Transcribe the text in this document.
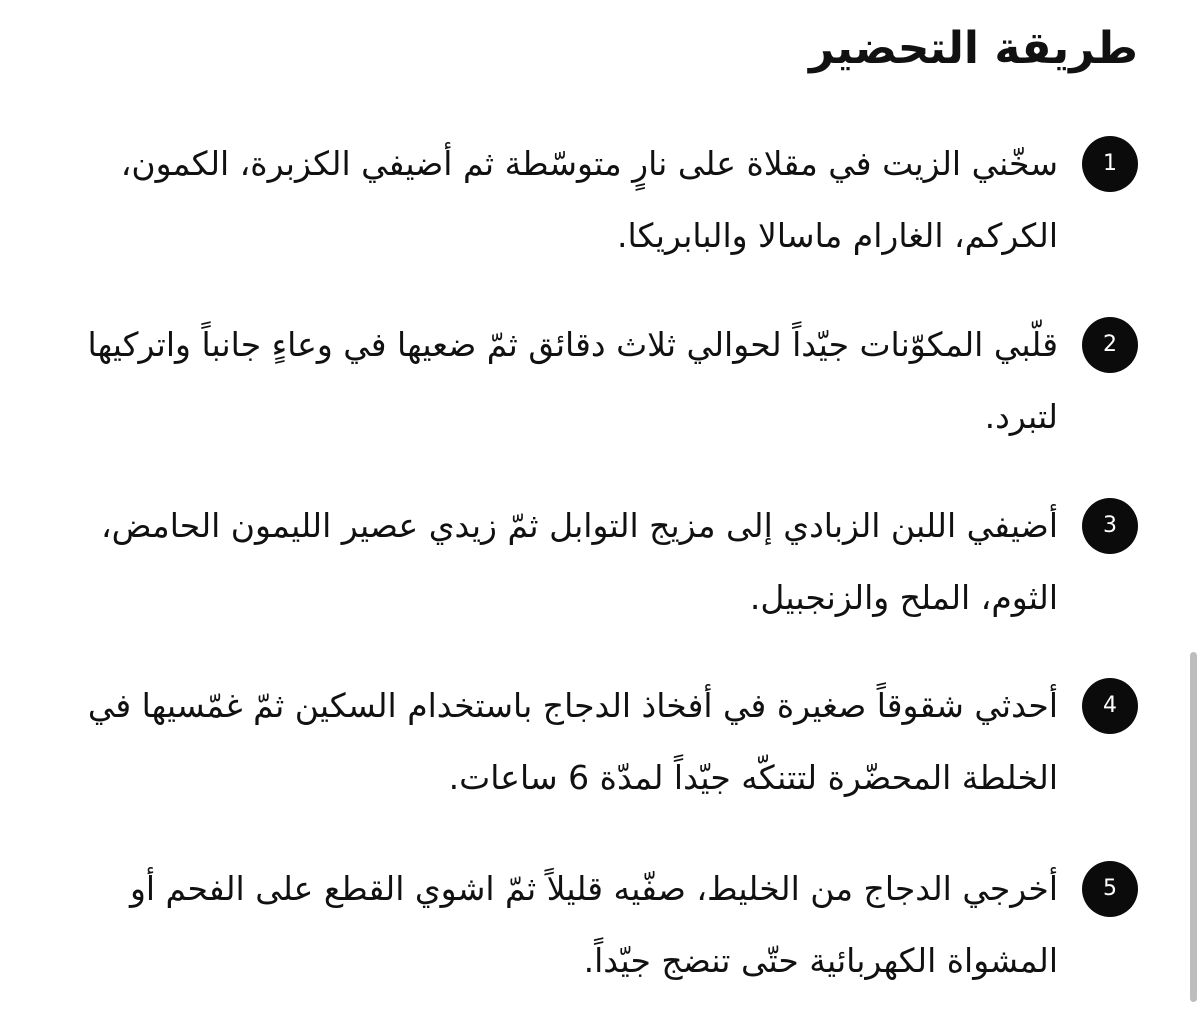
طريقة التحضير
1

سخّني الزيت في مقلاة على نارٍ متوسّطة ثم أضيفي الكزبرة، الكمون، الكركم، الغارام ماسالا والبابريكا.

2

قلّبي المكوّنات جيّداً لحوالي ثلاث دقائق ثمّ ضعيها في وعاءٍ جانباً واتركيها لتبرد.

3

أضيفي اللبن الزبادي إلى مزيج التوابل ثمّ زيدي عصير الليمون الحامض، الثوم، الملح والزنجبيل.

4

أحدثي شقوقاً صغيرة في أفخاذ الدجاج باستخدام السكين ثمّ غمّسيها في الخلطة المحضّرة لتتنكّه جيّداً لمدّة 6 ساعات.

5

أخرجي الدجاج من الخليط، صفّيه قليلاً ثمّ اشوي القطع على الفحم أو المشواة الكهربائية حتّى تنضج جيّداً.
